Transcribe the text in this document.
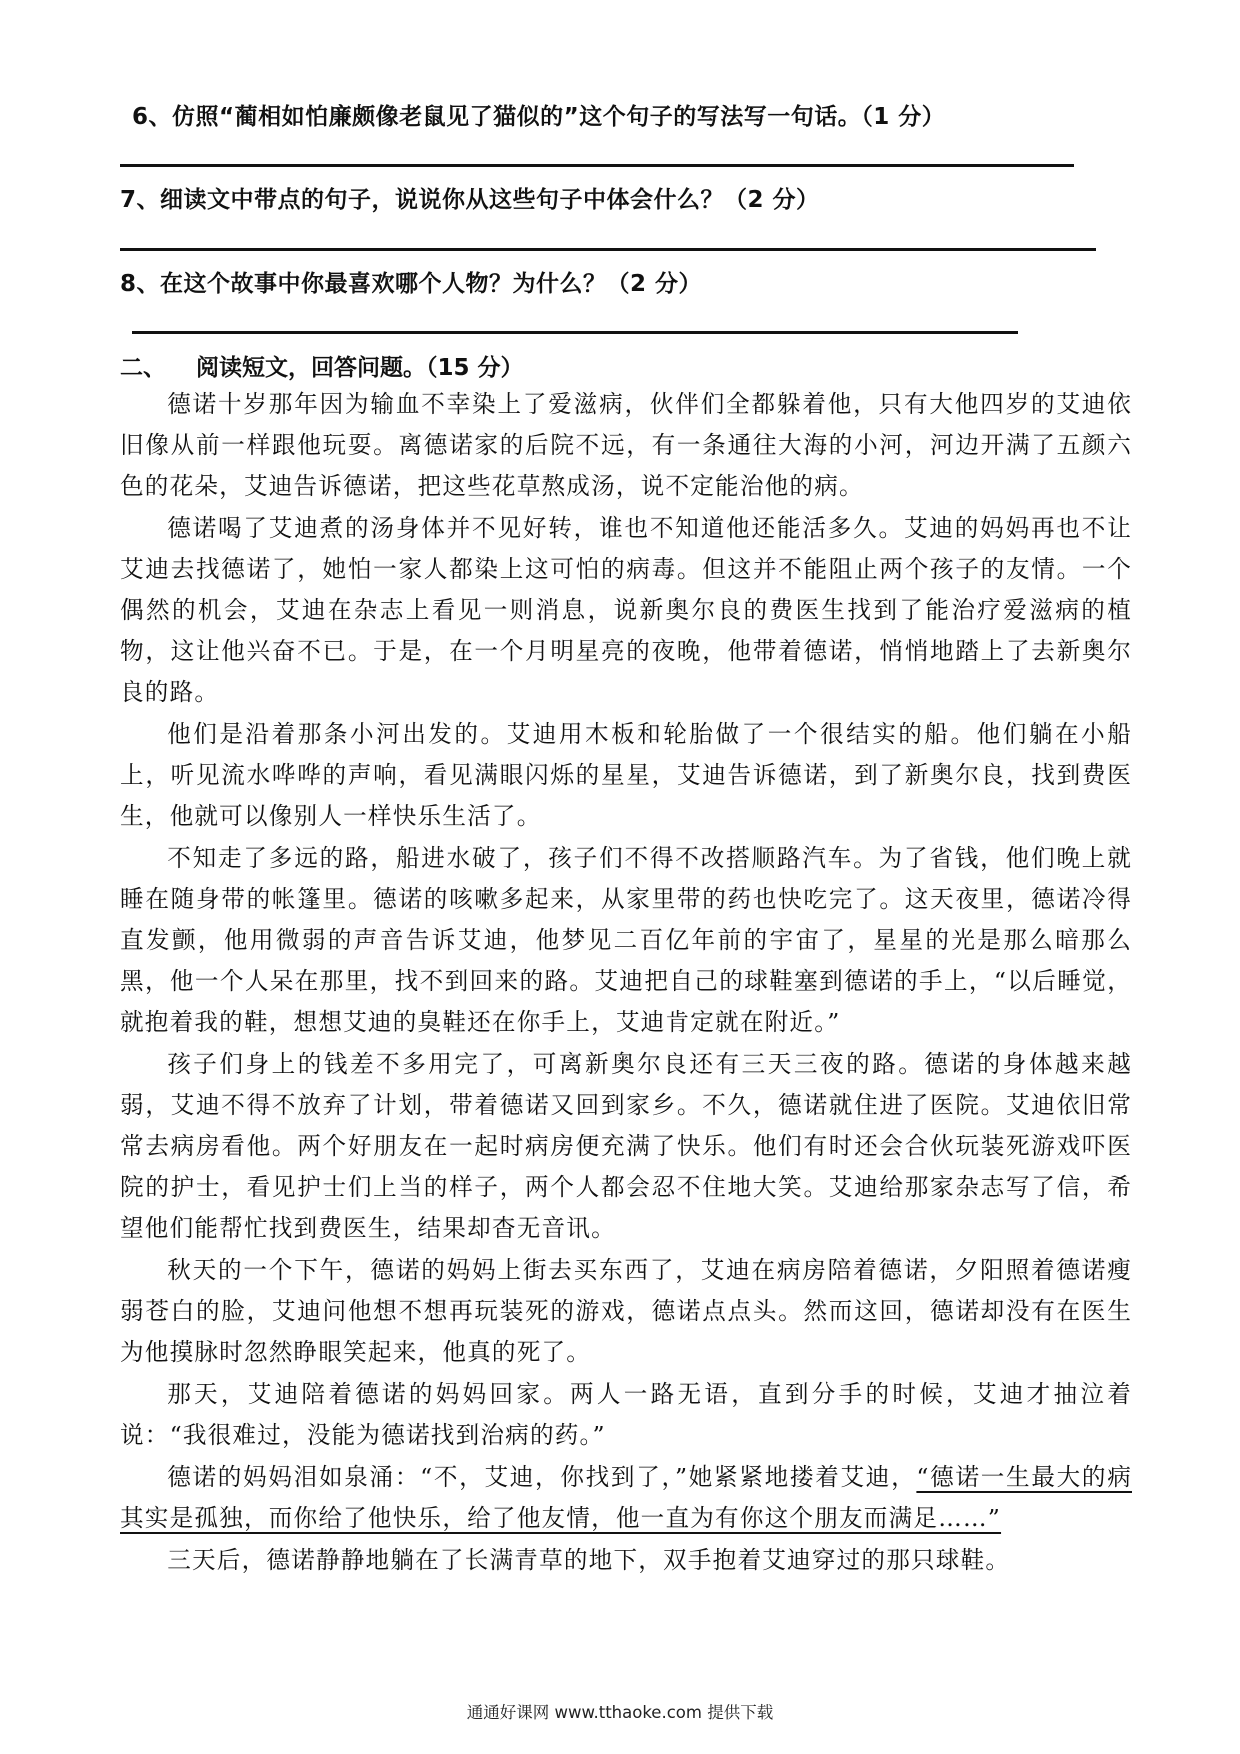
6、仿照“蔺相如怕廉颇像老鼠见了猫似的”这个句子的写法写一句话。（1 分）
7、细读文中带点的句子，说说你从这些句子中体会什么？（2 分）
8、在这个故事中你最喜欢哪个人物？为什么？（2 分）
二、 阅读短文，回答问题。（15 分）

德诺十岁那年因为输血不幸染上了爱滋病，伙伴们全都躲着他，只有大他四岁的艾迪依旧像从前一样跟他玩耍。离德诺家的后院不远，有一条通往大海的小河，河边开满了五颜六色的花朵，艾迪告诉德诺，把这些花草熬成汤，说不定能治他的病。

德诺喝了艾迪煮的汤身体并不见好转，谁也不知道他还能活多久。艾迪的妈妈再也不让艾迪去找德诺了，她怕一家人都染上这可怕的病毒。但这并不能阻止两个孩子的友情。一个偶然的机会，艾迪在杂志上看见一则消息，说新奥尔良的费医生找到了能治疗爱滋病的植物，这让他兴奋不已。于是，在一个月明星亮的夜晚，他带着德诺，悄悄地踏上了去新奥尔良的路。

他们是沿着那条小河出发的。艾迪用木板和轮胎做了一个很结实的船。他们躺在小船上，听见流水哗哗的声响，看见满眼闪烁的星星，艾迪告诉德诺，到了新奥尔良，找到费医生，他就可以像别人一样快乐生活了。

不知走了多远的路，船进水破了，孩子们不得不改搭顺路汽车。为了省钱，他们晚上就睡在随身带的帐篷里。德诺的咳嗽多起来，从家里带的药也快吃完了。这天夜里，德诺冷得直发颤，他用微弱的声音告诉艾迪，他梦见二百亿年前的宇宙了，星星的光是那么暗那么黑，他一个人呆在那里，找不到回来的路。艾迪把自己的球鞋塞到德诺的手上，“以后睡觉，就抱着我的鞋，想想艾迪的臭鞋还在你手上，艾迪肯定就在附近。”

孩子们身上的钱差不多用完了，可离新奥尔良还有三天三夜的路。德诺的身体越来越弱，艾迪不得不放弃了计划，带着德诺又回到家乡。不久，德诺就住进了医院。艾迪依旧常常去病房看他。两个好朋友在一起时病房便充满了快乐。他们有时还会合伙玩装死游戏吓医院的护士，看见护士们上当的样子，两个人都会忍不住地大笑。艾迪给那家杂志写了信，希望他们能帮忙找到费医生，结果却杳无音讯。

秋天的一个下午，德诺的妈妈上街去买东西了，艾迪在病房陪着德诺，夕阳照着德诺瘦弱苍白的脸，艾迪问他想不想再玩装死的游戏，德诺点点头。然而这回，德诺却没有在医生为他摸脉时忽然睁眼笑起来，他真的死了。

那天，艾迪陪着德诺的妈妈回家。两人一路无语，直到分手的时候，艾迪才抽泣着说：“我很难过，没能为德诺找到治病的药。”

德诺的妈妈泪如泉涌：“不，艾迪，你找到了，”她紧紧地搂着艾迪，“德诺一生最大的病其实是孤独，而你给了他快乐，给了他友情，他一直为有你这个朋友而满足……”

三天后，德诺静静地躺在了长满青草的地下，双手抱着艾迪穿过的那只球鞋。

通通好课网 www.tthaoke.com 提供下载
